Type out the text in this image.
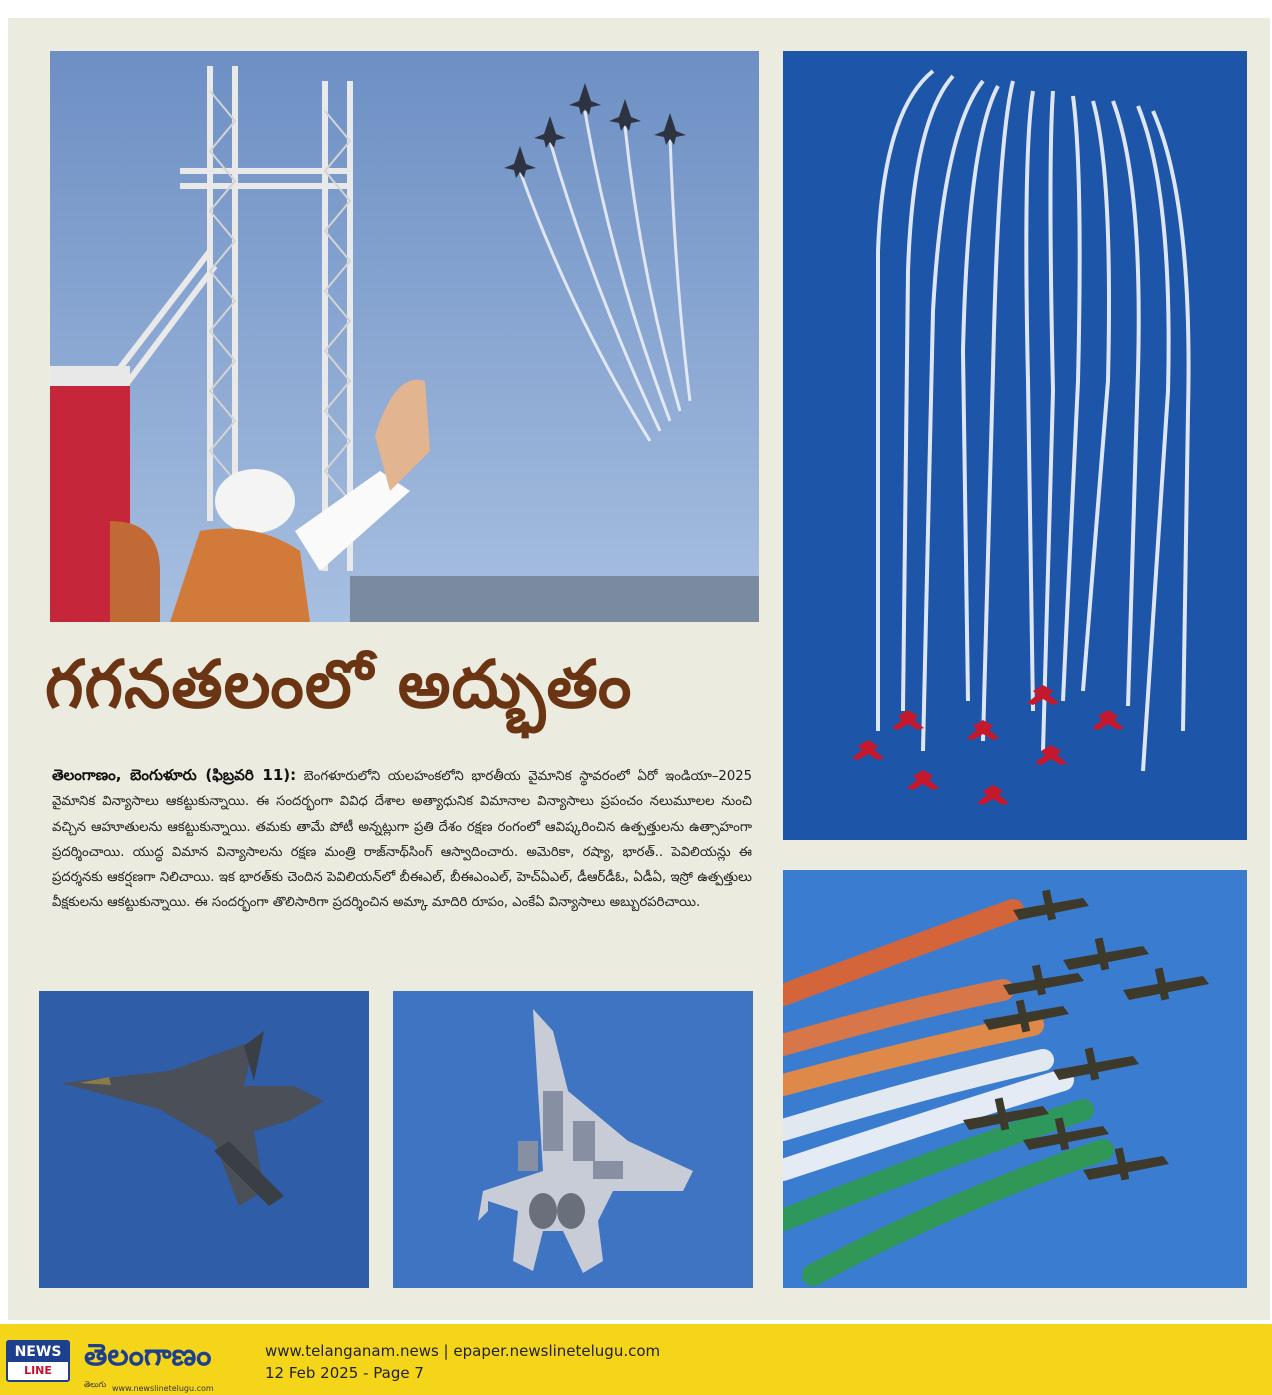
గగనతలంలో అద్భుతం
తెలంగాణం, బెంగుళూరు (ఫిబ్రవరి 11): బెంగళూరులోని యలహంకలోని భారతీయ వైమానిక స్థావరంలో ఏరో ఇండియా–2025 వైమానిక విన్యాసాలు ఆకట్టుకున్నాయి. ఈ సందర్భంగా వివిధ దేశాల అత్యాధునిక విమానాల విన్యాసాలు ప్రపంచం నలుమూలల నుంచి వచ్చిన ఆహూతులను ఆకట్టుకున్నాయి. తమకు తామే పోటీ అన్నట్లుగా ప్రతి దేశం రక్షణ రంగంలో ఆవిష్కరించిన ఉత్పత్తులను ఉత్సాహంగా ప్రదర్శించాయి. యుద్ధ విమాన విన్యాసాలను రక్షణ మంత్రి రాజ్‌నాథ్‌సింగ్ ఆస్వాదించారు. అమెరికా, రష్యా, భారత్.. పెవిలియన్లు ఈ ప్రదర్శనకు ఆకర్షణగా నిలిచాయి. ఇక భారత్‌కు చెందిన పెవిలియన్‌లో బీఈఎల్, బీఈఎంఎల్, హెచ్‌ఏఎల్, డీఆర్‌డీఓ, ఏడీఏ, ఇస్రో ఉత్పత్తులు వీక్షకులను ఆకట్టుకున్నాయి. ఈ సందర్భంగా తొలిసారిగా ప్రదర్శించిన అమ్కా మాదిరి రూపం, ఎంకేఏ విన్యాసాలు అబ్బురపరిచాయి.
NEWS
LINE	తెలంగాణం
తెలుగు www.newslinetelugu.com
www.telanganam.news | epaper.newslinetelugu.com
12 Feb 2025 - Page 7
